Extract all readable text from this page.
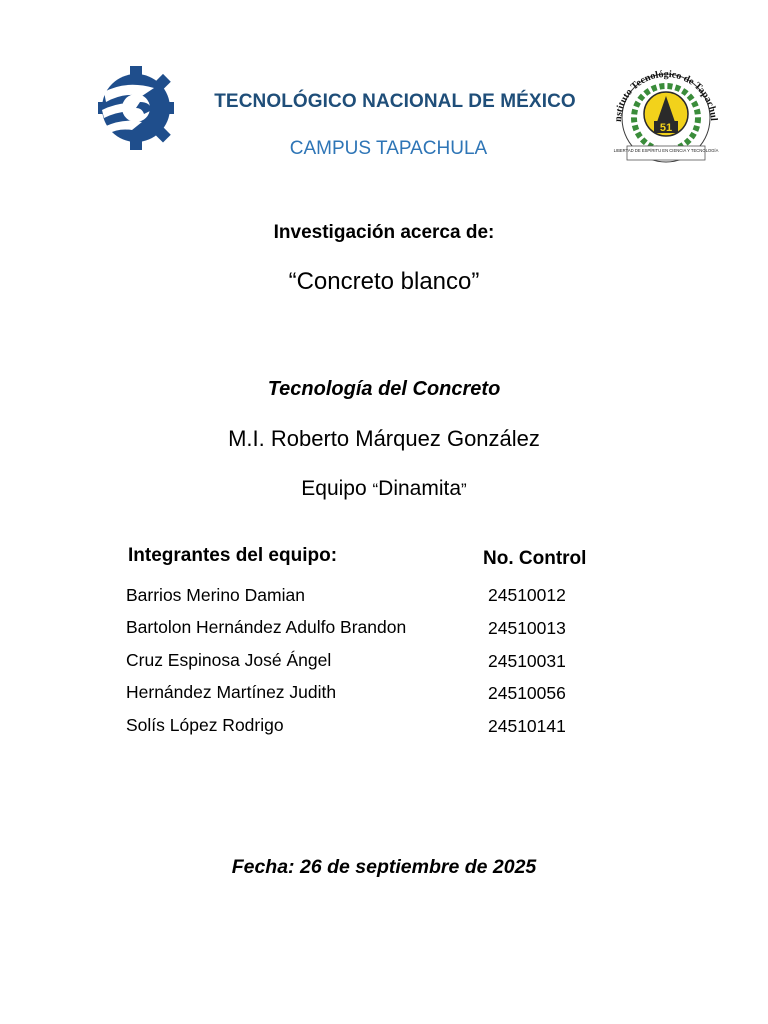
51
nstituto Tecnológico de Tapachul
LIBERTAD DE ESPÍRITU EN CIENCIA Y TECNOLOGÍA
TECNOLÓGICO NACIONAL DE MÉXICO
CAMPUS TAPACHULA
Investigación acerca de:
“Concreto blanco”
Tecnología del Concreto
M.I. Roberto Márquez González
Equipo “Dinamita”
Integrantes del equipo:	No. Control
Barrios Merino Damian	24510012
Bartolon Hernández Adulfo Brandon	24510013
Cruz Espinosa José Ángel	24510031
Hernández Martínez Judith	24510056
Solís López Rodrigo	24510141
Fecha: 26 de septiembre de 2025
